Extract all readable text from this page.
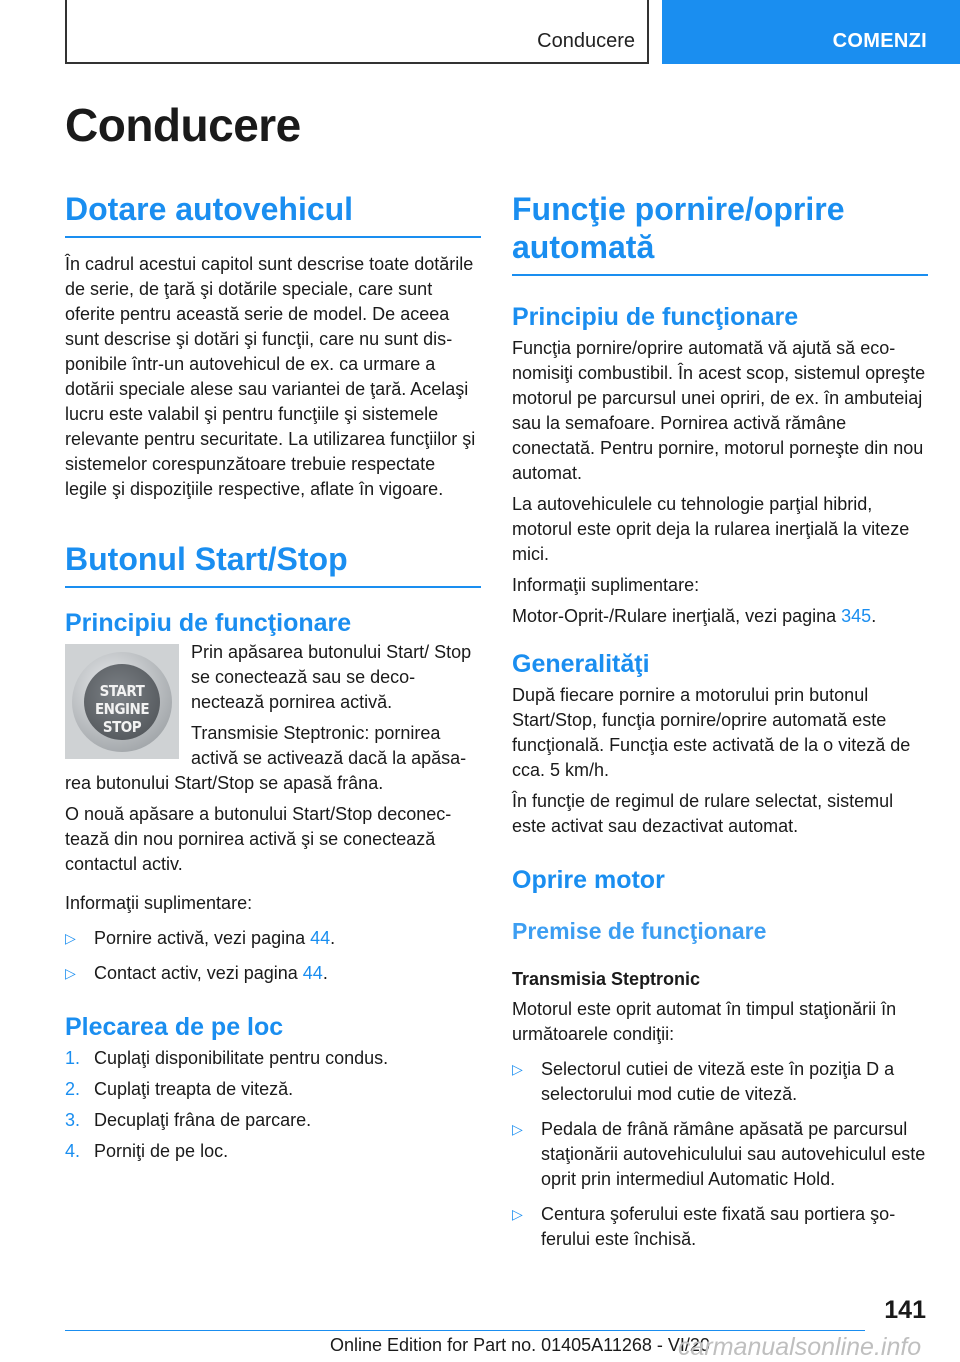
Conducere	COMENZI
Conducere
Dotare autovehicul

În cadrul acestui capitol sunt descrise toate dotările de serie, de ţară şi dotările speciale, care sunt oferite pentru această serie de model. De aceea sunt descrise şi dotări şi funcţii, care nu sunt disponibile într-un autovehicul de ex. ca urmare a dotării speciale alese sau variantei de ţară. Acelaşi lucru este valabil şi pentru funcţiile şi sistemele relevante pentru securitate. La utilizarea funcţiilor şi sistemelor corespunzătoare trebuie respectate legile şi dispoziţiile respective, aflate în vigoare.

Butonul Start/Stop
Principiu de funcţionare
START
ENGINE
STOP

Prin apăsarea butonului Start/ Stop se conectează sau se deconectează pornirea activă.

Transmisie Steptronic: pornirea activă se activează dacă la apăsarea butonului Start/Stop se apasă frâna.

O nouă apăsare a butonului Start/Stop deconectează din nou pornirea activă şi se conectează contactul activ.

Informaţii suplimentare:

▷ Pornire activă, vezi pagina 44.
▷ Contact activ, vezi pagina 44.
Plecarea de pe loc
1. Cuplaţi disponibilitate pentru condus.
2. Cuplaţi treapta de viteză.
3. Decuplaţi frâna de parcare.
4. Porniţi de pe loc.
Funcţie pornire/oprire automată
Principiu de funcţionare

Funcţia pornire/oprire automată vă ajută să economisiţi combustibil. În acest scop, sistemul opreşte motorul pe parcursul unei opriri, de ex. în ambuteiaj sau la semafoare. Pornirea activă rămâne conectată. Pentru pornire, motorul porneşte din nou automat.

La autovehiculele cu tehnologie parţial hibrid, motorul este oprit deja la rularea inerţială la viteze mici.

Informaţii suplimentare:

Motor-Oprit-/Rulare inerţială, vezi pagina 345.

Generalităţi

După fiecare pornire a motorului prin butonul Start/Stop, funcţia pornire/oprire automată este funcţională. Funcţia este activată de la o viteză de cca. 5 km/h.

În funcţie de regimul de rulare selectat, sistemul este activat sau dezactivat automat.

Oprire motor
Premise de funcţionare
Transmisia Steptronic

Motorul este oprit automat în timpul staţionării în următoarele condiţii:

▷ Selectorul cutiei de viteză este în poziţia D a selectorului mod cutie de viteză.
▷ Pedala de frână rămâne apăsată pe parcursul staţionării autovehiculului sau autovehiculul este oprit prin intermediul Automatic Hold.
▷ Centura şoferului este fixată sau portiera şoferului este închisă.
141
Online Edition for Part no. 01405A11268 - VI/20
carmanualsonline.info
